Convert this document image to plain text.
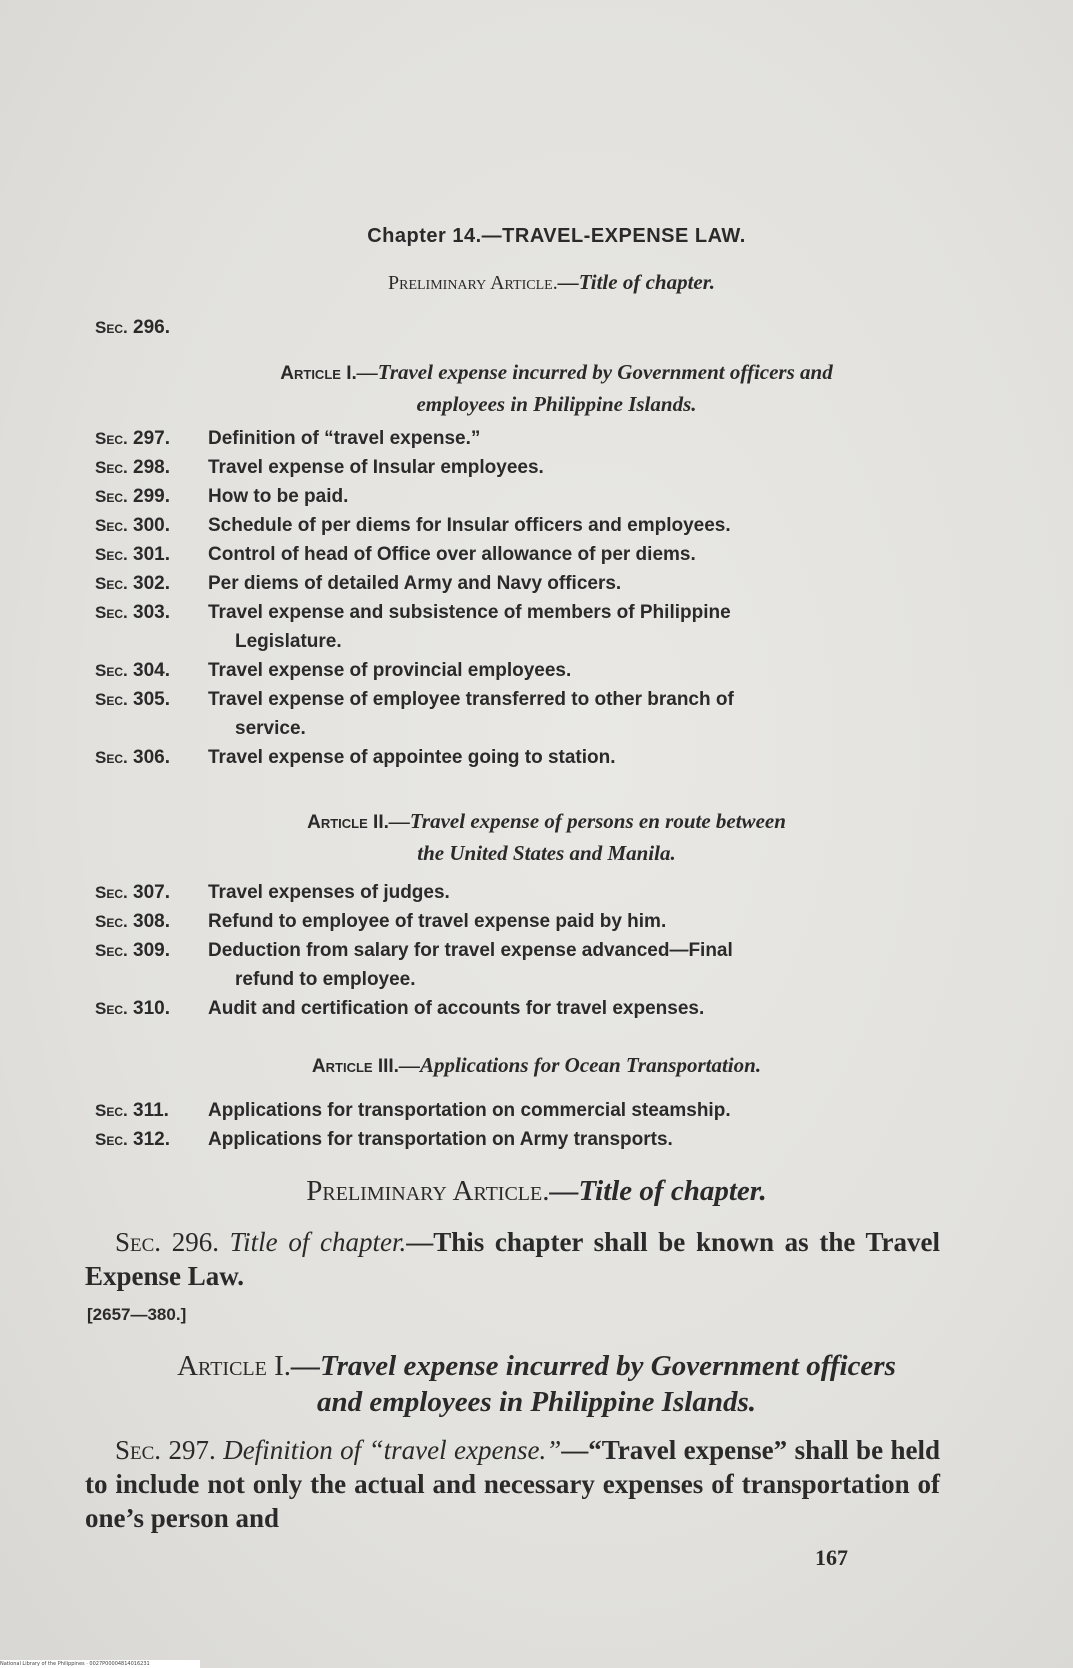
Chapter 14.—TRAVEL-EXPENSE LAW.
Preliminary Article.—Title of chapter.
Sec. 296.
Article I.—Travel expense incurred by Government officers and
employees in Philippine Islands.
Sec. 297.	Definition of “travel expense.”
Sec. 298.	Travel expense of Insular employees.
Sec. 299.	How to be paid.
Sec. 300.	Schedule of per diems for Insular officers and employees.
Sec. 301.	Control of head of Office over allowance of per diems.
Sec. 302.	Per diems of detailed Army and Navy officers.
Sec. 303.	Travel expense and subsistence of members of Philippine
Legislature.
Sec. 304.	Travel expense of provincial employees.
Sec. 305.	Travel expense of employee transferred to other branch of
service.
Sec. 306.	Travel expense of appointee going to station.
Article II.—Travel expense of persons en route between
the United States and Manila.
Sec. 307.	Travel expenses of judges.
Sec. 308.	Refund to employee of travel expense paid by him.
Sec. 309.	Deduction from salary for travel expense advanced—Final
refund to employee.
Sec. 310.	Audit and certification of accounts for travel expenses.
Article III.—Applications for Ocean Transportation.
Sec. 311.	Applications for transportation on commercial steamship.
Sec. 312.	Applications for transportation on Army transports.
Preliminary Article.—Title of chapter.
Sec. 296. Title of chapter.—This chapter shall be known as the Travel Expense Law.
[2657—380.]
Article I.—Travel expense incurred by Government officers
and employees in Philippine Islands.
Sec. 297. Definition of “travel expense.”—“Travel expense” shall be held to include not only the actual and necessary expenses of transportation of one’s person and
167
National Library of the Philippines · 0027P00004814016231
